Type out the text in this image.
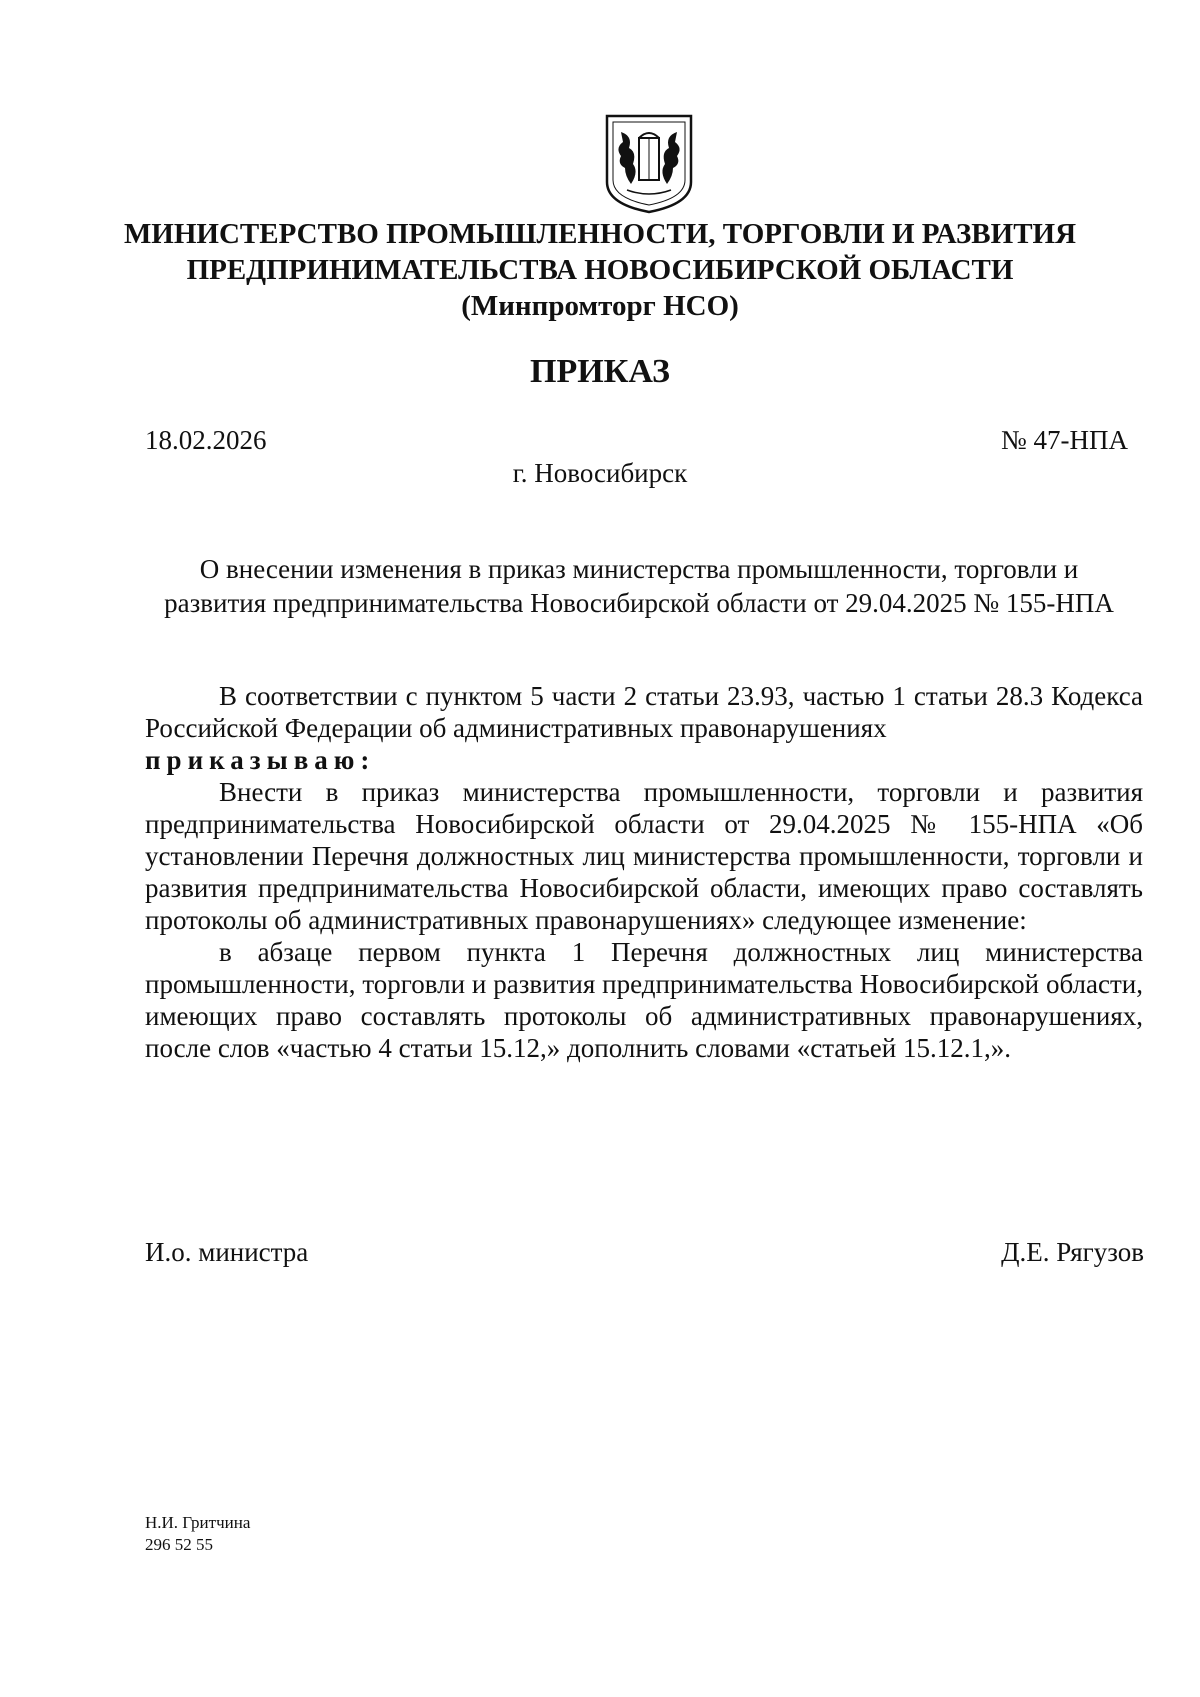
МИНИСТЕРСТВО ПРОМЫШЛЕННОСТИ, ТОРГОВЛИ И РАЗВИТИЯ

ПРЕДПРИНИМАТЕЛЬСТВА НОВОСИБИРСКОЙ ОБЛАСТИ

(Минпромторг НСО)

ПРИКАЗ

18.02.2026	№ 47-НПА
г. Новосибирск
О внесении изменения в приказ министерства промышленности, торговли и
развития предпринимательства Новосибирской области от 29.04.2025 № 155-НПА

В соответствии с пунктом 5 части 2 статьи 23.93, частью 1 статьи 28.3 Кодекса Российской Федерации об административных правонарушениях

приказываю:

Внести в приказ министерства промышленности, торговли и развития предпринимательства Новосибирской области от 29.04.2025 № 155-НПА «Об установлении Перечня должностных лиц министерства промышленности, торговли и развития предпринимательства Новосибирской области, имеющих право составлять протоколы об административных правонарушениях» следующее изменение:

в абзаце первом пункта 1 Перечня должностных лиц министерства промышленности, торговли и развития предпринимательства Новосибирской области, имеющих право составлять протоколы об административных правонарушениях, после слов «частью 4 статьи 15.12,» дополнить словами «статьей 15.12.1,».

И.о. министра	Д.Е. Рягузов
Н.И. Гритчина
296 52 55
